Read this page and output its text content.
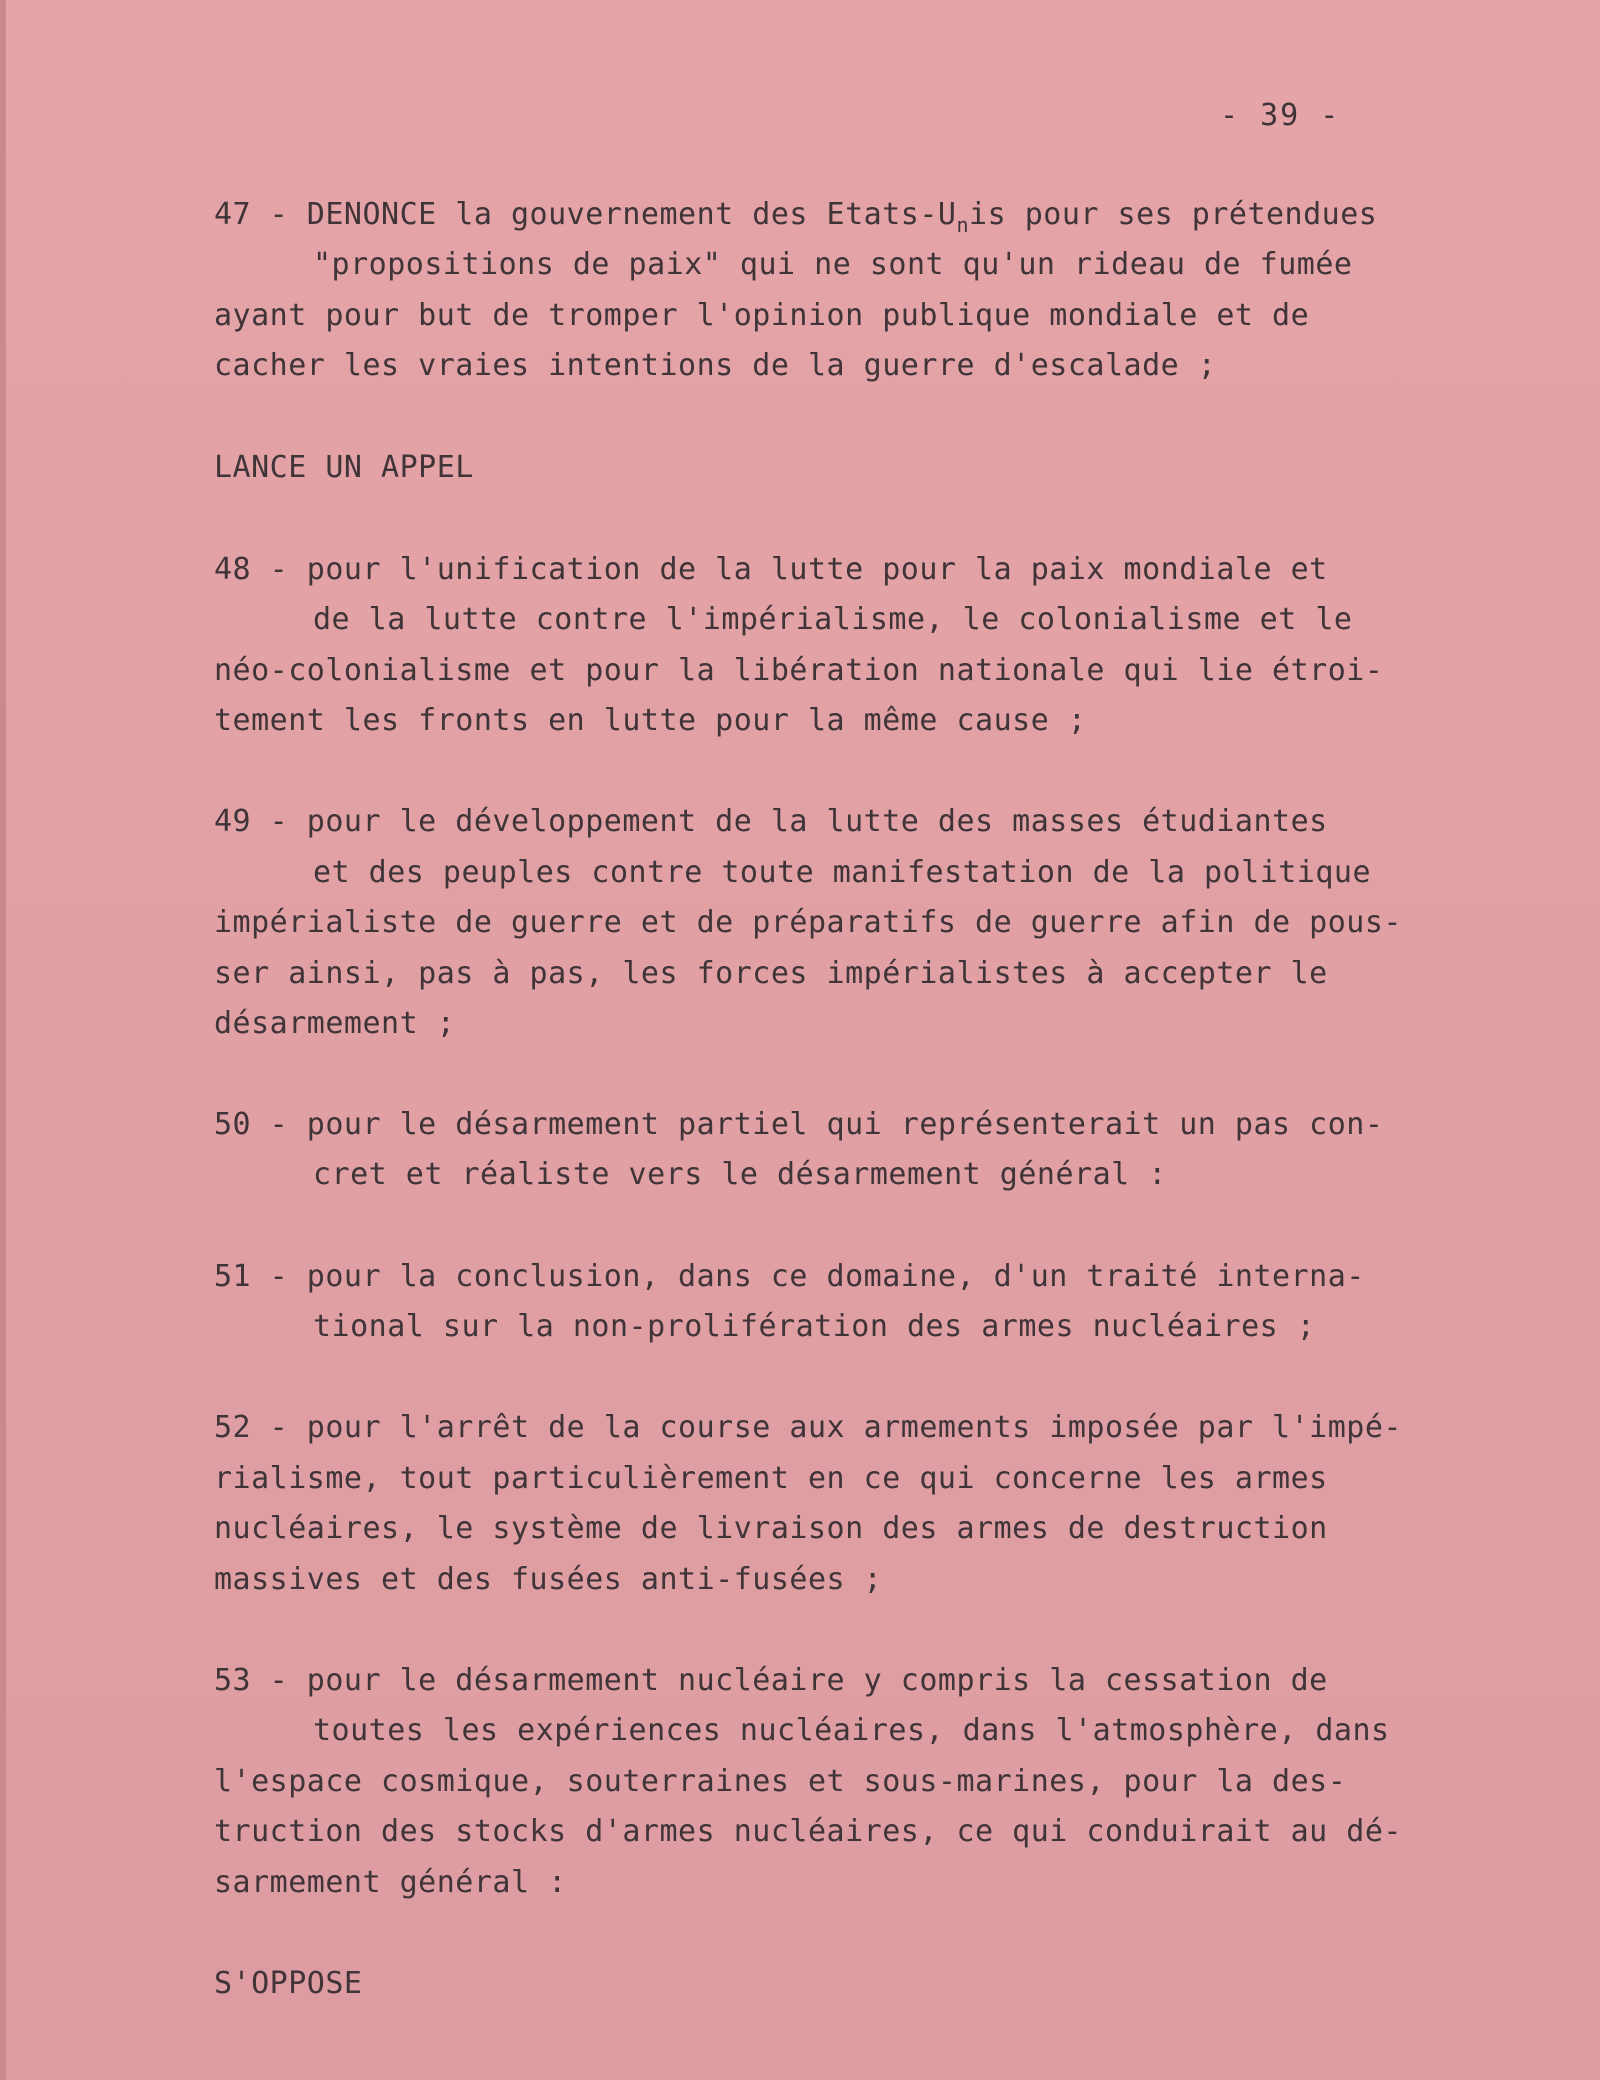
- 39 -
47 - DENONCE la gouvernement des Etats-$U_nis$ pour ses prétendues
"propositions de paix" qui ne sont qu'un rideau de fumée
ayant pour but de tromper l'opinion publique mondiale et de
cacher les vraies intentions de la guerre d'escalade ;
LANCE UN APPEL
48 - pour l'unification de la lutte pour la paix mondiale et
de la lutte contre l'impérialisme, le colonialisme et le
néo-colonialisme et pour la libération nationale qui lie étroi-
tement les fronts en lutte pour la même cause ;
49 - pour le développement de la lutte des masses étudiantes
et des peuples contre toute manifestation de la politique
impérialiste de guerre et de préparatifs de guerre afin de pous-
ser ainsi, pas à pas, les forces impérialistes à accepter le
désarmement ;
50 - pour le désarmement partiel qui représenterait un pas con-
cret et réaliste vers le désarmement général :
51 - pour la conclusion, dans ce domaine, d'un traité interna-
tional sur la non-prolifération des armes nucléaires ;
52 - pour l'arrêt de la course aux armements imposée par l'impé-
rialisme, tout particulièrement en ce qui concerne les armes
nucléaires, le système de livraison des armes de destruction
massives et des fusées anti-fusées ;
53 - pour le désarmement nucléaire y compris la cessation de
toutes les expériences nucléaires, dans l'atmosphère, dans
l'espace cosmique, souterraines et sous-marines, pour la des-
truction des stocks d'armes nucléaires, ce qui conduirait au dé-
sarmement général :
S'OPPOSE
